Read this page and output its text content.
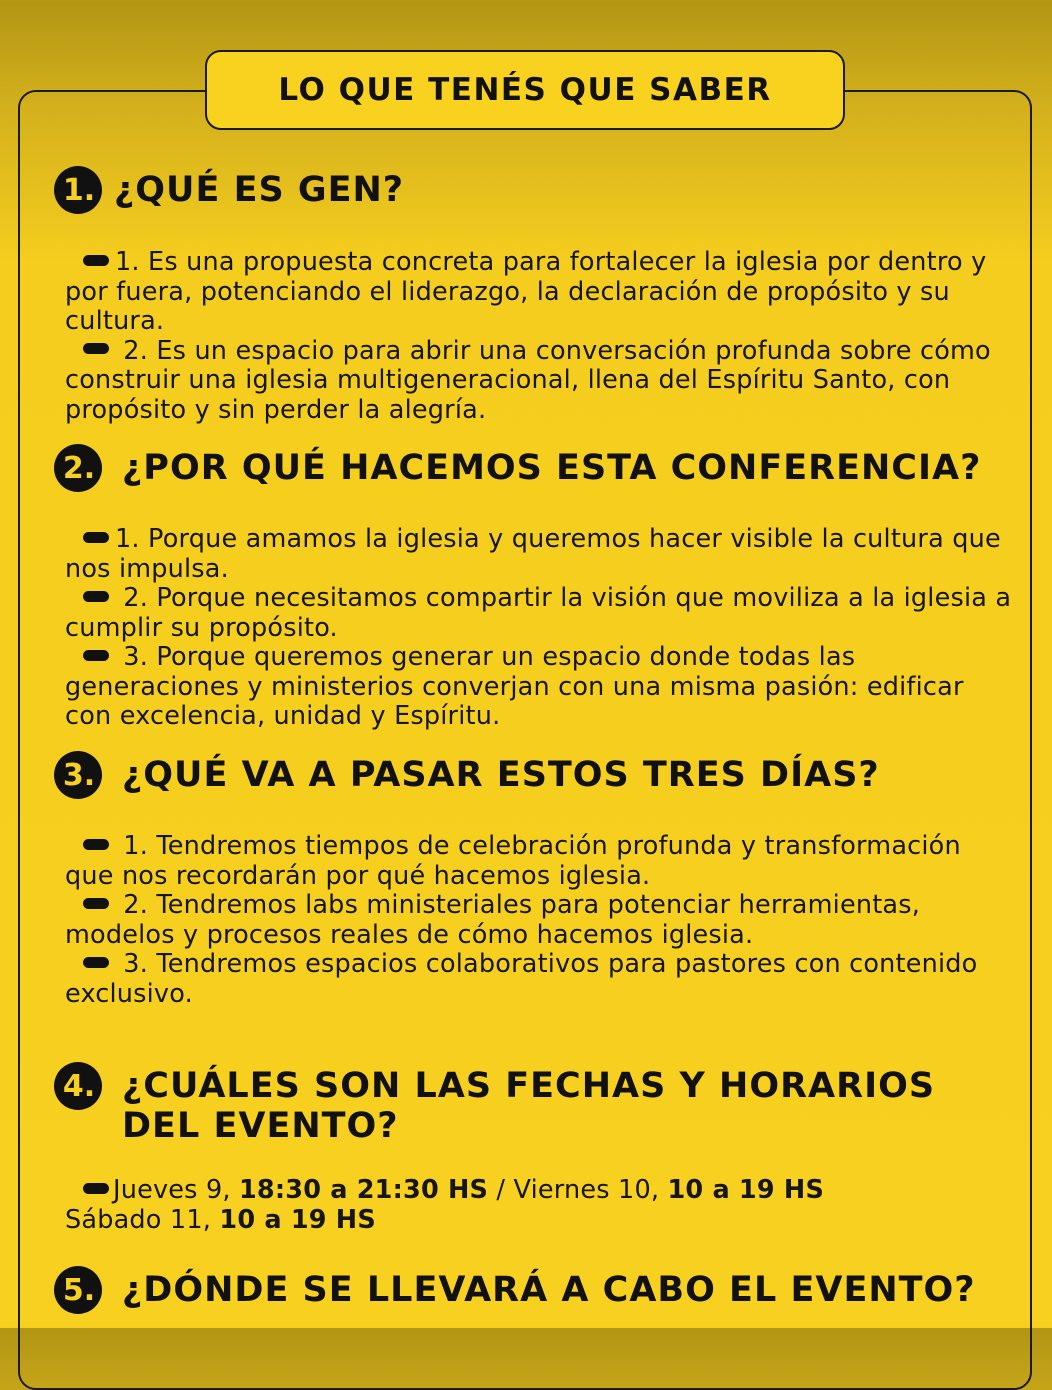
LO QUE TENÉS QUE SABER
1. ¿QUÉ ES GEN?
1. Es una propuesta concreta para fortalecer la iglesia por dentro y por fuera, potenciando el liderazgo, la declaración de propósito y su cultura.
2. Es un espacio para abrir una conversación profunda sobre cómo construir una iglesia multigeneracional, llena del Espíritu Santo, con propósito y sin perder la alegría.
2. ¿POR QUÉ HACEMOS ESTA CONFERENCIA?
1. Porque amamos la iglesia y queremos hacer visible la cultura que nos impulsa.
2. Porque necesitamos compartir la visión que moviliza a la iglesia a cumplir su propósito.
3. Porque queremos generar un espacio donde todas las generaciones y ministerios converjan con una misma pasión: edificar con excelencia, unidad y Espíritu.
3. ¿QUÉ VA A PASAR ESTOS TRES DÍAS?
1. Tendremos tiempos de celebración profunda y transformación que nos recordarán por qué hacemos iglesia.
2. Tendremos labs ministeriales para potenciar herramientas, modelos y procesos reales de cómo hacemos iglesia.
3. Tendremos espacios colaborativos para pastores con contenido exclusivo.
4. ¿CUÁLES SON LAS FECHAS Y HORARIOS
DEL EVENTO?
Jueves 9, 18:30 a 21:30 HS / Viernes 10, 10 a 19 HS
Sábado 11, 10 a 19 HS
5. ¿DÓNDE SE LLEVARÁ A CABO EL EVENTO?
